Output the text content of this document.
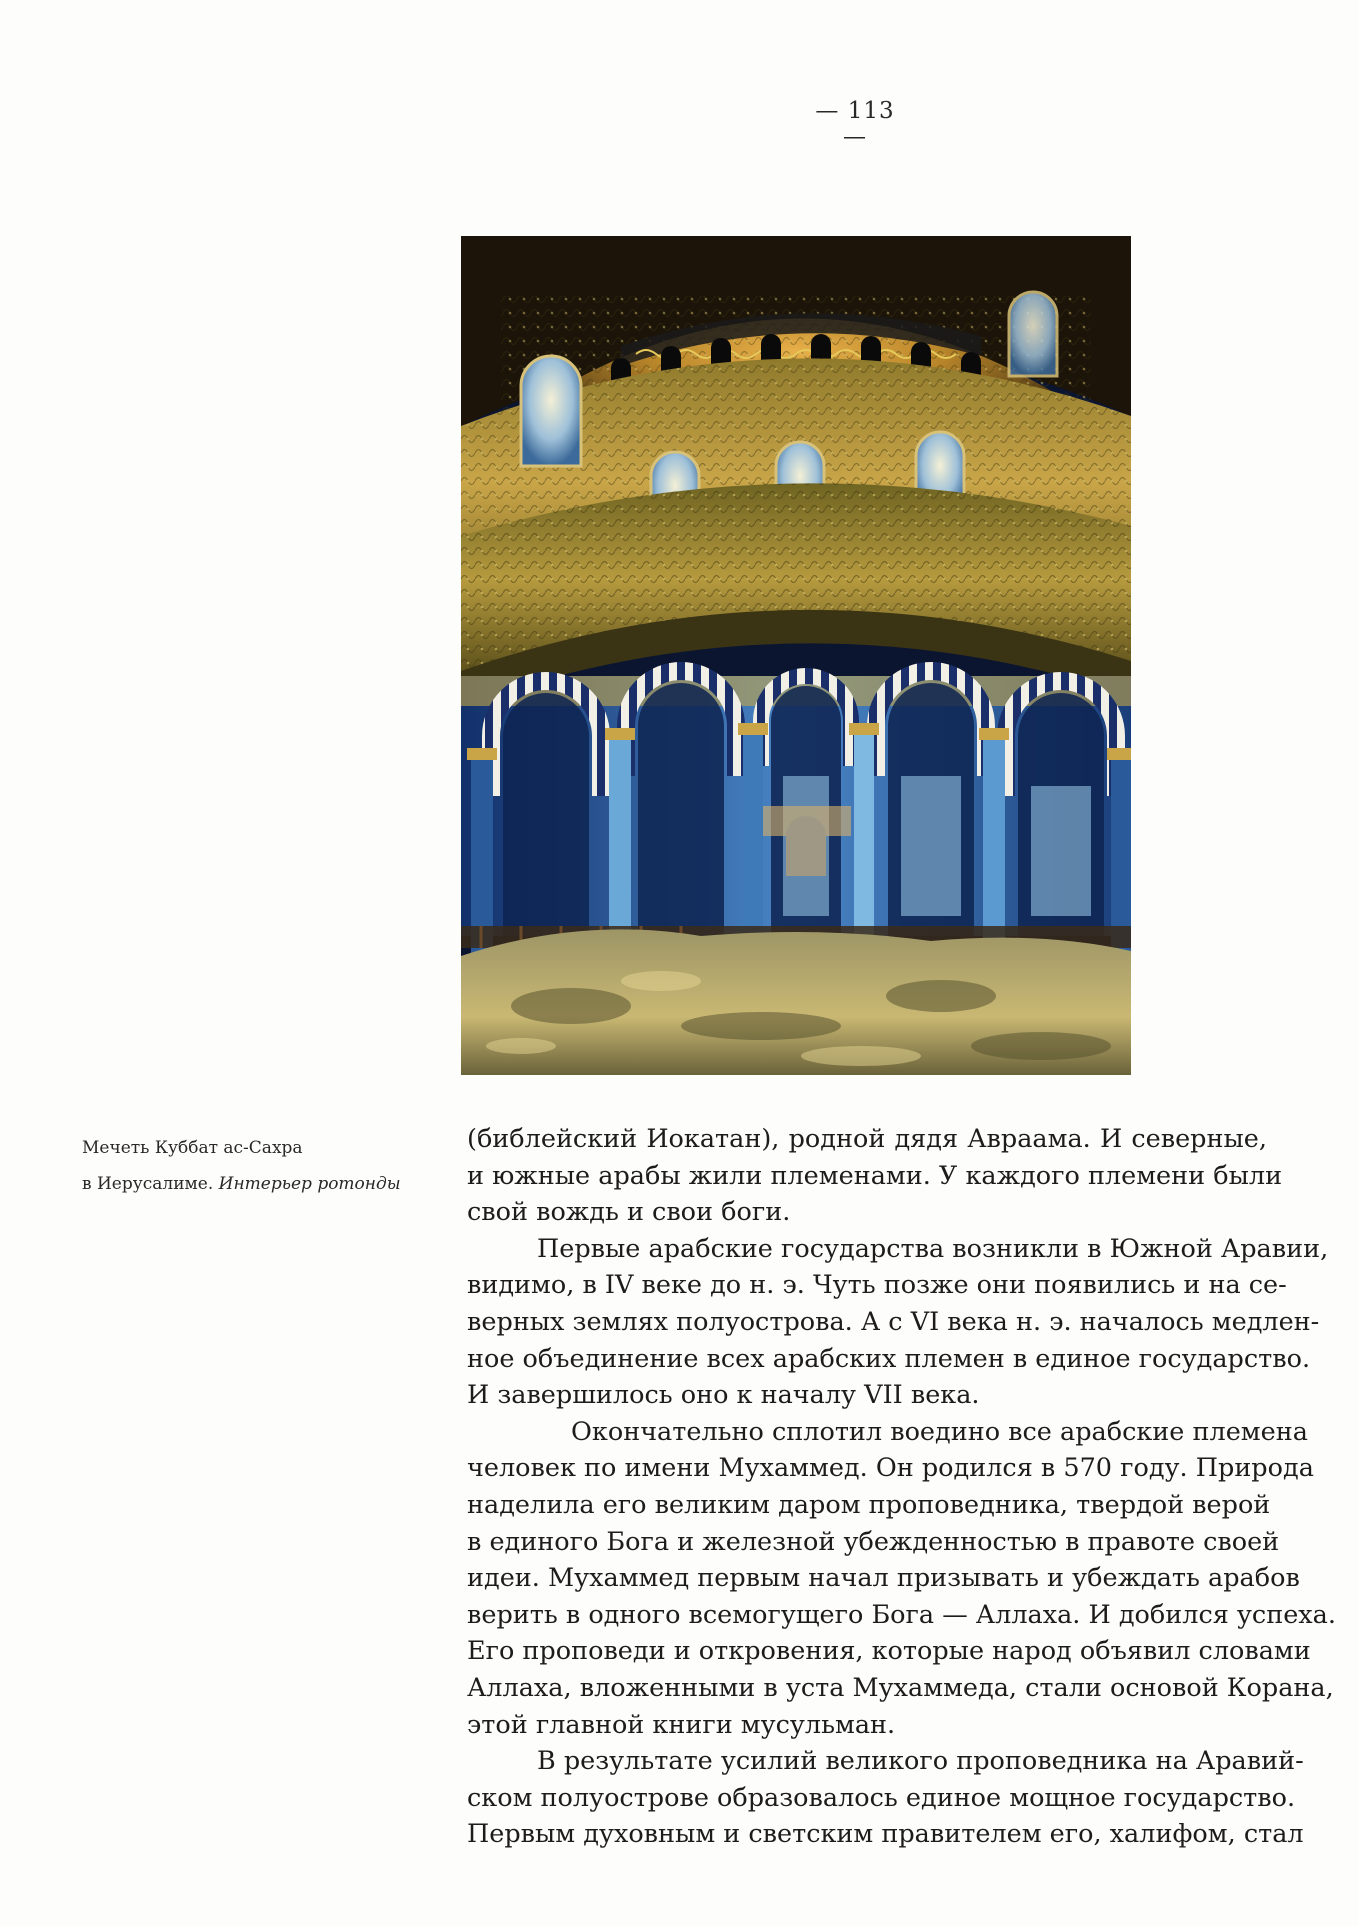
— 113 —
Мечеть Куббат ас-Сахра
в Иерусалиме. Интерьер ротонды
(библейский Иокатан), родной дядя Авраама. И северные,
и южные арабы жили племенами. У каждого племени были
свой вождь и свои боги.
Первые арабские государства возникли в Южной Аравии,
видимо, в IV веке до н. э. Чуть позже они появились и на се-
верных землях полуострова. А с VI века н. э. началось медлен-
ное объединение всех арабских племен в единое государство.
И завершилось оно к началу VII века.
Окончательно сплотил воедино все арабские племена
человек по имени Мухаммед. Он родился в 570 году. Природа
наделила его великим даром проповедника, твердой верой
в единого Бога и железной убежденностью в правоте своей
идеи. Мухаммед первым начал призывать и убеждать арабов
верить в одного всемогущего Бога — Аллаха. И добился успеха.
Его проповеди и откровения, которые народ объявил словами
Аллаха, вложенными в уста Мухаммеда, стали основой Корана,
этой главной книги мусульман.
В результате усилий великого проповедника на Аравий-
ском полуострове образовалось единое мощное государство.
Первым духовным и светским правителем его, халифом, стал
